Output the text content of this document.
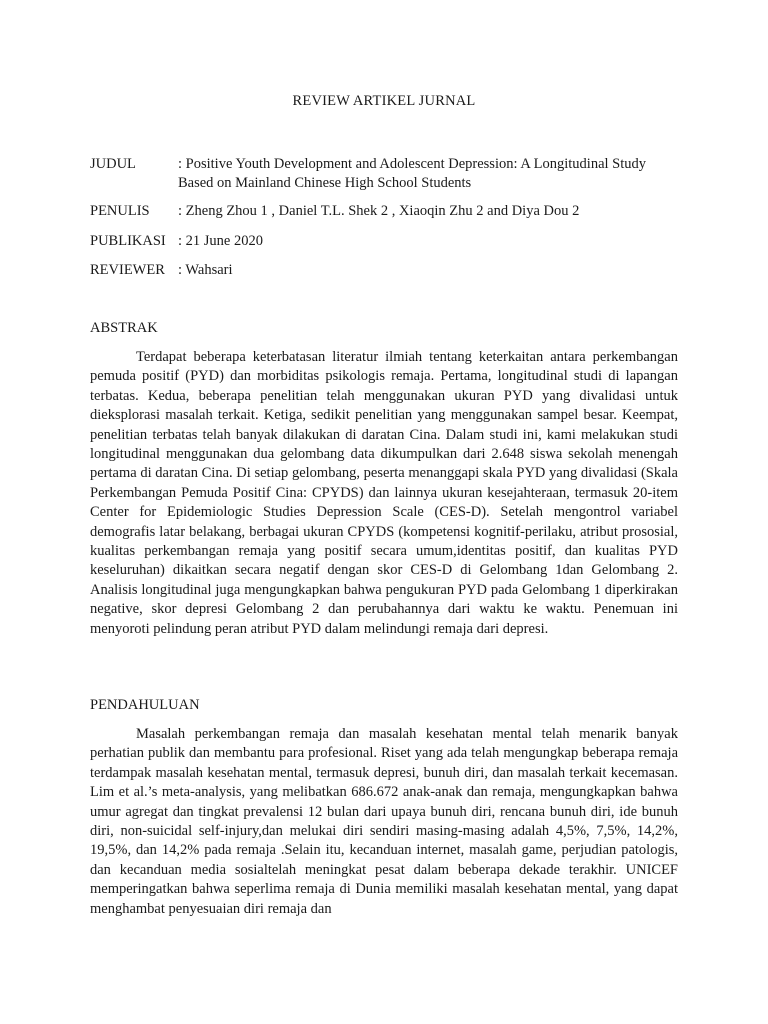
REVIEW ARTIKEL JURNAL
JUDUL	: Positive Youth Development and Adolescent Depression: A Longitudinal Study Based on Mainland Chinese High School Students
PENULIS : Zheng Zhou 1 , Daniel T.L. Shek 2 , Xiaoqin Zhu 2 and Diya Dou 2
PUBLIKASI : 21 June 2020
REVIEWER : Wahsari
ABSTRAK

Terdapat beberapa keterbatasan literatur ilmiah tentang keterkaitan antara perkembangan pemuda positif (PYD) dan morbiditas psikologis remaja. Pertama, longitudinal studi di lapangan terbatas. Kedua, beberapa penelitian telah menggunakan ukuran PYD yang divalidasi untuk dieksplorasi masalah terkait. Ketiga, sedikit penelitian yang menggunakan sampel besar. Keempat, penelitian terbatas telah banyak dilakukan di daratan Cina. Dalam studi ini, kami melakukan studi longitudinal menggunakan dua gelombang data dikumpulkan dari 2.648 siswa sekolah menengah pertama di daratan Cina. Di setiap gelombang, peserta menanggapi skala PYD yang divalidasi (Skala Perkembangan Pemuda Positif Cina: CPYDS) dan lainnya ukuran kesejahteraan, termasuk 20-item Center for Epidemiologic Studies Depression Scale (CES-D). Setelah mengontrol variabel demografis latar belakang, berbagai ukuran CPYDS (kompetensi kognitif-perilaku, atribut prososial, kualitas perkembangan remaja yang positif secara umum,identitas positif, dan kualitas PYD keseluruhan) dikaitkan secara negatif dengan skor CES-D di Gelombang 1dan Gelombang 2. Analisis longitudinal juga mengungkapkan bahwa pengukuran PYD pada Gelombang 1 diperkirakan negative, skor depresi Gelombang 2 dan perubahannya dari waktu ke waktu. Penemuan ini menyoroti pelindung peran atribut PYD dalam melindungi remaja dari depresi.

PENDAHULUAN

Masalah perkembangan remaja dan masalah kesehatan mental telah menarik banyak perhatian publik dan membantu para profesional. Riset yang ada telah mengungkap beberapa remaja terdampak masalah kesehatan mental, termasuk depresi, bunuh diri, dan masalah terkait kecemasan. Lim et al.’s meta-analysis, yang melibatkan 686.672 anak-anak dan remaja, mengungkapkan bahwa umur agregat dan tingkat prevalensi 12 bulan dari upaya bunuh diri, rencana bunuh diri, ide bunuh diri, non-suicidal self-injury,dan melukai diri sendiri masing-masing adalah 4,5%, 7,5%, 14,2%, 19,5%, dan 14,2% pada remaja .Selain itu, kecanduan internet, masalah game, perjudian patologis, dan kecanduan media sosialtelah meningkat pesat dalam beberapa dekade terakhir. UNICEF memperingatkan bahwa seperlima remaja di Dunia memiliki masalah kesehatan mental, yang dapat menghambat penyesuaian diri remaja dan
